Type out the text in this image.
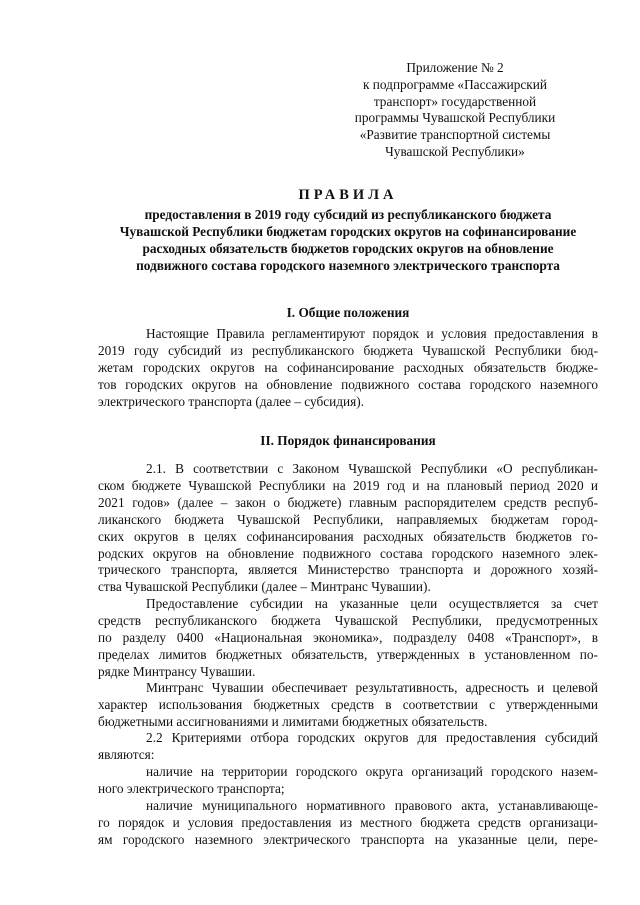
Приложение № 2
к подпрограмме «Пассажирский
транспорт» государственной
программы Чувашской Республики
«Развитие транспортной системы
Чувашской Республики»
ПРАВИЛА
предоставления в 2019 году субсидий из республиканского бюджета
Чувашской Республики бюджетам городских округов на софинансирование
расходных обязательств бюджетов городских округов на обновление
подвижного состава городского наземного электрического транспорта
I. Общие положения
Настоящие Правила регламентируют порядок и условия предоставления в
2019 году субсидий из республиканского бюджета Чувашской Республики бюд-
жетам городских округов на софинансирование расходных обязательств бюдже-
тов городских округов на обновление подвижного состава городского наземного
электрического транспорта (далее – субсидия).
II. Порядок финансирования
2.1. В соответствии с Законом Чувашской Республики «О республикан-
ском бюджете Чувашской Республики на 2019 год и на плановый период 2020 и
2021 годов» (далее – закон о бюджете) главным распорядителем средств респуб-
ликанского бюджета Чувашской Республики, направляемых бюджетам город-
ских округов в целях софинансирования расходных обязательств бюджетов го-
родских округов на обновление подвижного состава городского наземного элек-
трического транспорта, является Министерство транспорта и дорожного хозяй-
ства Чувашской Республики (далее – Минтранс Чувашии).
Предоставление субсидии на указанные цели осуществляется за счет
средств республиканского бюджета Чувашской Республики, предусмотренных
по разделу 0400 «Национальная экономика», подразделу 0408 «Транспорт», в
пределах лимитов бюджетных обязательств, утвержденных в установленном по-
рядке Минтрансу Чувашии.
Минтранс Чувашии обеспечивает результативность, адресность и целевой
характер использования бюджетных средств в соответствии с утвержденными
бюджетными ассигнованиями и лимитами бюджетных обязательств.
2.2 Критериями отбора городских округов для предоставления субсидий
являются:
наличие на территории городского округа организаций городского назем-
ного электрического транспорта;
наличие муниципального нормативного правового акта, устанавливающе-
го порядок и условия предоставления из местного бюджета средств организаци-
ям городского наземного электрического транспорта на указанные цели, пере-
